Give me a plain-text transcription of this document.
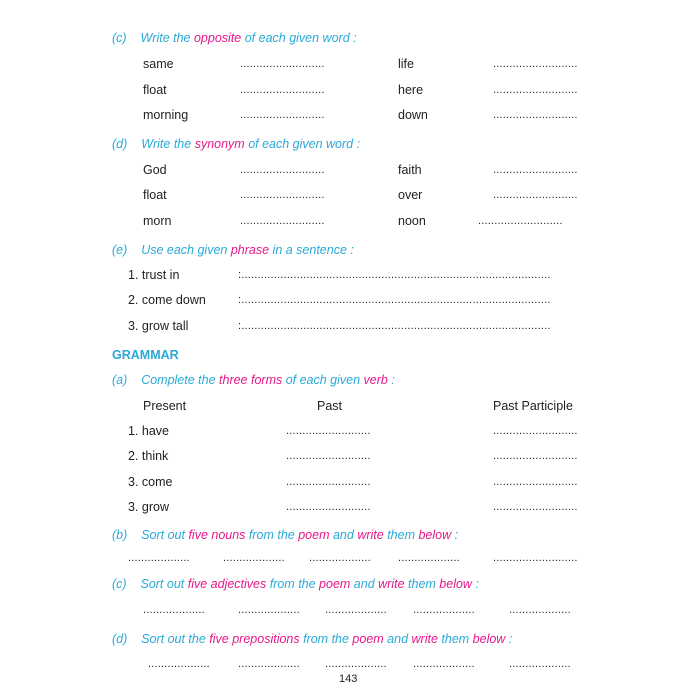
(c) Write the opposite of each given word :
same	..........................	life	..........................
float	..........................	here	..........................
morning	..........................	down	..........................
(d) Write the synonym of each given word :
God	..........................	faith	..........................
float	..........................	over	..........................
morn	..........................	noon	..........................
(e) Use each given phrase in a sentence :
1. trust in	:...............................................................................................
2. come down	:...............................................................................................
3. grow tall	:...............................................................................................
GRAMMAR
(a) Complete the three forms of each given verb :
Present	Past	Past Participle
1. have	..........................	..........................
2. think	..........................	..........................
3. come	..........................	..........................
3. grow	..........................	..........................
(b) Sort out five nouns from the poem and write them below :
...................	................... ................... ...................	..........................
(c) Sort out five adjectives from the poem and write them below :
...................	................... ................... ...................	...................
(d) Sort out the five prepositions from the poem and write them below :
...................	................... ................... ...................	...................
143
